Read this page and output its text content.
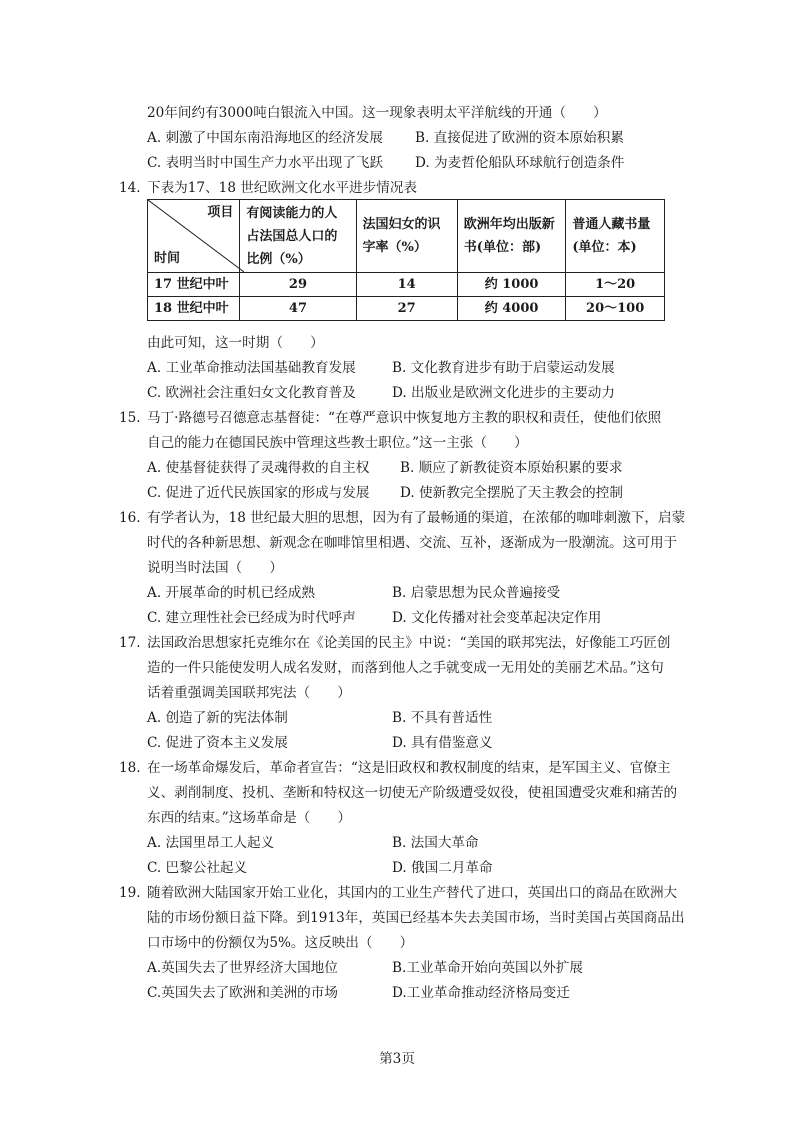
20年间约有3000吨白银流入中国。这一现象表明太平洋航线的开通（　　）
A. 刺激了中国东南沿海地区的经济发展 B. 直接促进了欧洲的资本原始积累
C. 表明当时中国生产力水平出现了飞跃 D. 为麦哲伦船队环球航行创造条件
14. 下表为17、18 世纪欧洲文化水平进步情况表
项目
时间	有阅读能力的人占法国总人口的比例（%）	法国妇女的识字率（%）	欧洲年均出版新书(单位：部)	普通人藏书量(单位：本)
17 世纪中叶	29	14	约 1000	1～20
18 世纪中叶	47	27	约 4000	20～100
由此可知，这一时期（　　）
A. 工业革命推动法国基础教育发展	B. 文化教育进步有助于启蒙运动发展
C. 欧洲社会注重妇女文化教育普及	D. 出版业是欧洲文化进步的主要动力
15. 马丁·路德号召德意志基督徒：“在尊严意识中恢复地方主教的职权和责任，使他们依照
自己的能力在德国民族中管理这些教士职位。”这一主张（　　）
A. 使基督徒获得了灵魂得救的自主权 B. 顺应了新教徒资本原始积累的要求
C. 促进了近代民族国家的形成与发展 D. 使新教完全摆脱了天主教会的控制
16. 有学者认为，18 世纪最大胆的思想，因为有了最畅通的渠道，在浓郁的咖啡刺激下，启蒙
时代的各种新思想、新观念在咖啡馆里相遇、交流、互补，逐渐成为一股潮流。这可用于
说明当时法国（　　）
A. 开展革命的时机已经成熟	B. 启蒙思想为民众普遍接受
C. 建立理性社会已经成为时代呼声	D. 文化传播对社会变革起决定作用
17. 法国政治思想家托克维尔在《论美国的民主》中说：“美国的联邦宪法，好像能工巧匠创
造的一件只能使发明人成名发财，而落到他人之手就变成一无用处的美丽艺术品。”这句
话着重强调美国联邦宪法（　　）
A. 创造了新的宪法体制	B. 不具有普适性
C. 促进了资本主义发展	D. 具有借鉴意义
18. 在一场革命爆发后，革命者宣告：“这是旧政权和教权制度的结束，是军国主义、官僚主
义、剥削制度、投机、垄断和特权这一切使无产阶级遭受奴役，使祖国遭受灾难和痛苦的
东西的结束。”这场革命是（　　）
A. 法国里昂工人起义	B. 法国大革命
C. 巴黎公社起义	D. 俄国二月革命
19. 随着欧洲大陆国家开始工业化，其国内的工业生产替代了进口，英国出口的商品在欧洲大
陆的市场份额日益下降。到1913年，英国已经基本失去美国市场，当时美国占英国商品出
口市场中的份额仅为5%。这反映出（　　）
A.英国失去了世界经济大国地位	B.工业革命开始向英国以外扩展
C.英国失去了欧洲和美洲的市场	D.工业革命推动经济格局变迁
第3页
